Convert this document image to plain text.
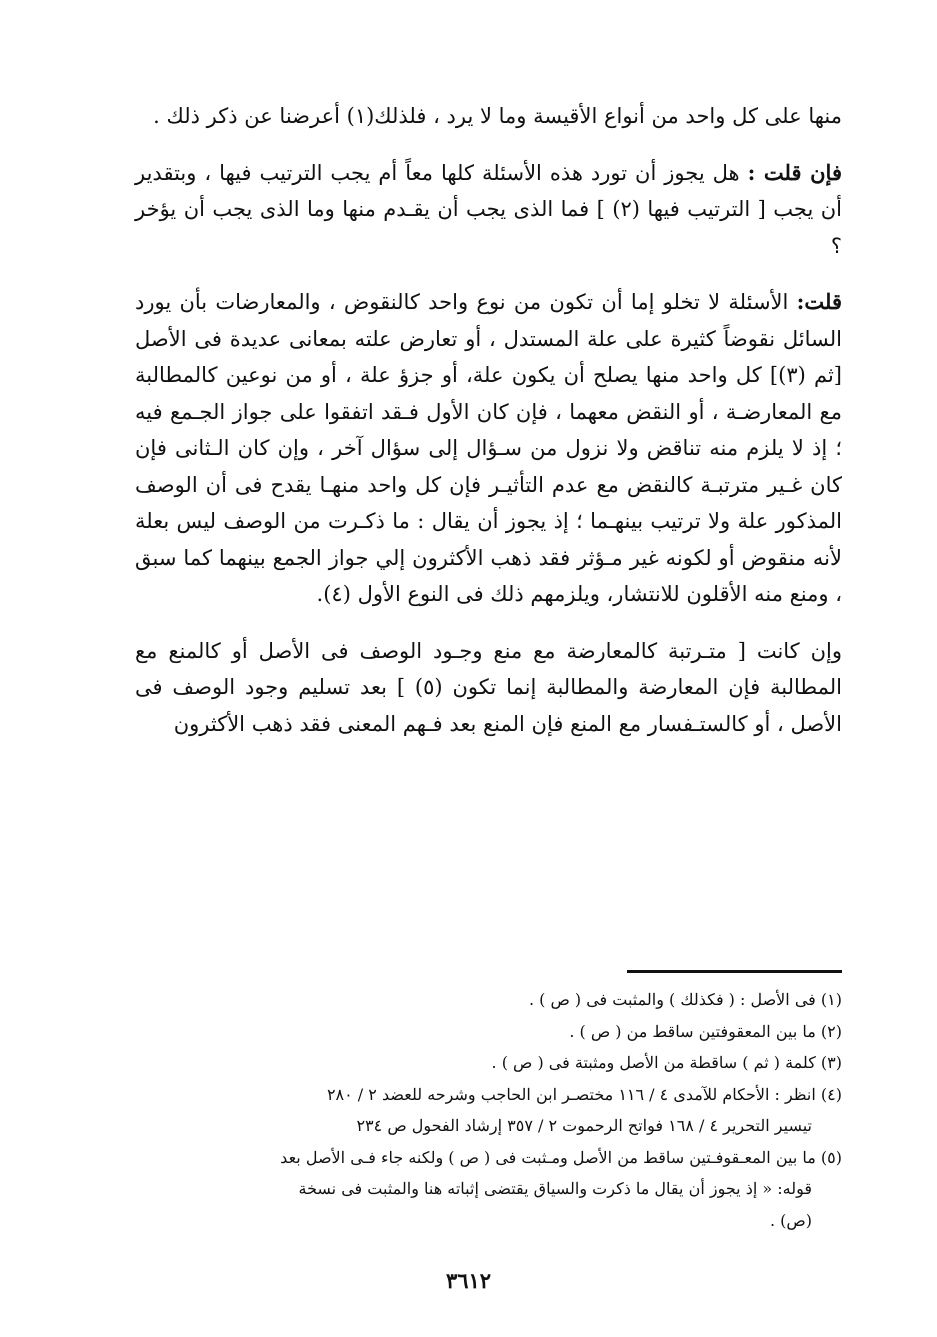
منها على كل واحد من أنواع الأقيسة وما لا يرد ، فلذلك(١) أعرضنا عن ذكر ذلك .

فإن قلت : هل يجوز أن تورد هذه الأسئلة كلها معاً أم يجب الترتيب فيها ، وبتقدير أن يجب [ الترتيب فيها (٢) ] فما الذى يجب أن يقـدم منها وما الذى يجب أن يؤخر ؟

قلت: الأسئلة لا تخلو إما أن تكون من نوع واحد كالنقوض ، والمعارضات بأن يورد السائل نقوضاً كثيرة على علة المستدل ، أو تعارض علته بمعانى عديدة فى الأصل [ثم (٣)] كل واحد منها يصلح أن يكون علة، أو جزؤ علة ، أو من نوعين كالمطالبة مع المعارضـة ، أو النقض معهما ، فإن كان الأول فـقد اتفقوا على جواز الجـمع فيه ؛ إذ لا يلزم منه تناقض ولا نزول من سـؤال إلى سؤال آخر ، وإن كان الـثانى فإن كان غـير مترتبـة كالنقض مع عدم التأثيـر فإن كل واحد منهـا يقدح فى أن الوصف المذكور علة ولا ترتيب بينهـما ؛ إذ يجوز أن يقال : ما ذكـرت من الوصف ليس بعلة لأنه منقوض أو لكونه غير مـؤثر فقد ذهب الأكثرون إلي جواز الجمع بينهما كما سبق ، ومنع منه الأقلون للانتشار، ويلزمهم ذلك فى النوع الأول (٤).

وإن كانت [ متـرتبة كالمعارضة مع منع وجـود الوصف فى الأصل أو كالمنع مع المطالبة فإن المعارضة والمطالبة إنما تكون (٥) ] بعد تسليم وجود الوصف فى الأصل ، أو كالستـفسار مع المنع فإن المنع بعد فـهم المعنى فقد ذهب الأكثرون

(١) فى الأصل : ( فكذلك ) والمثبت فى ( ص ) .

(٢) ما بين المعقوفتين ساقط من ( ص ) .

(٣) كلمة ( ثم ) ساقطة من الأصل ومثبتة فى ( ص ) .

(٤) انظر : الأحكام للآمدى ٤ / ١١٦ مختصـر ابن الحاجب وشرحه للعضد ٢ / ٢٨٠

تيسير التحرير ٤ / ١٦٨ فواتح الرحموت ٢ / ٣٥٧ إرشاد الفحول ص ٢٣٤

(٥) ما بين المعـقوفـتين ساقط من الأصل ومـثبت فى ( ص ) ولكنه جاء فـى الأصل بعد

قوله: « إذ يجوز أن يقال ما ذكرت والسياق يقتضى إثباته هنا والمثبت فى نسخة

(ص) .

٣٦١٢
